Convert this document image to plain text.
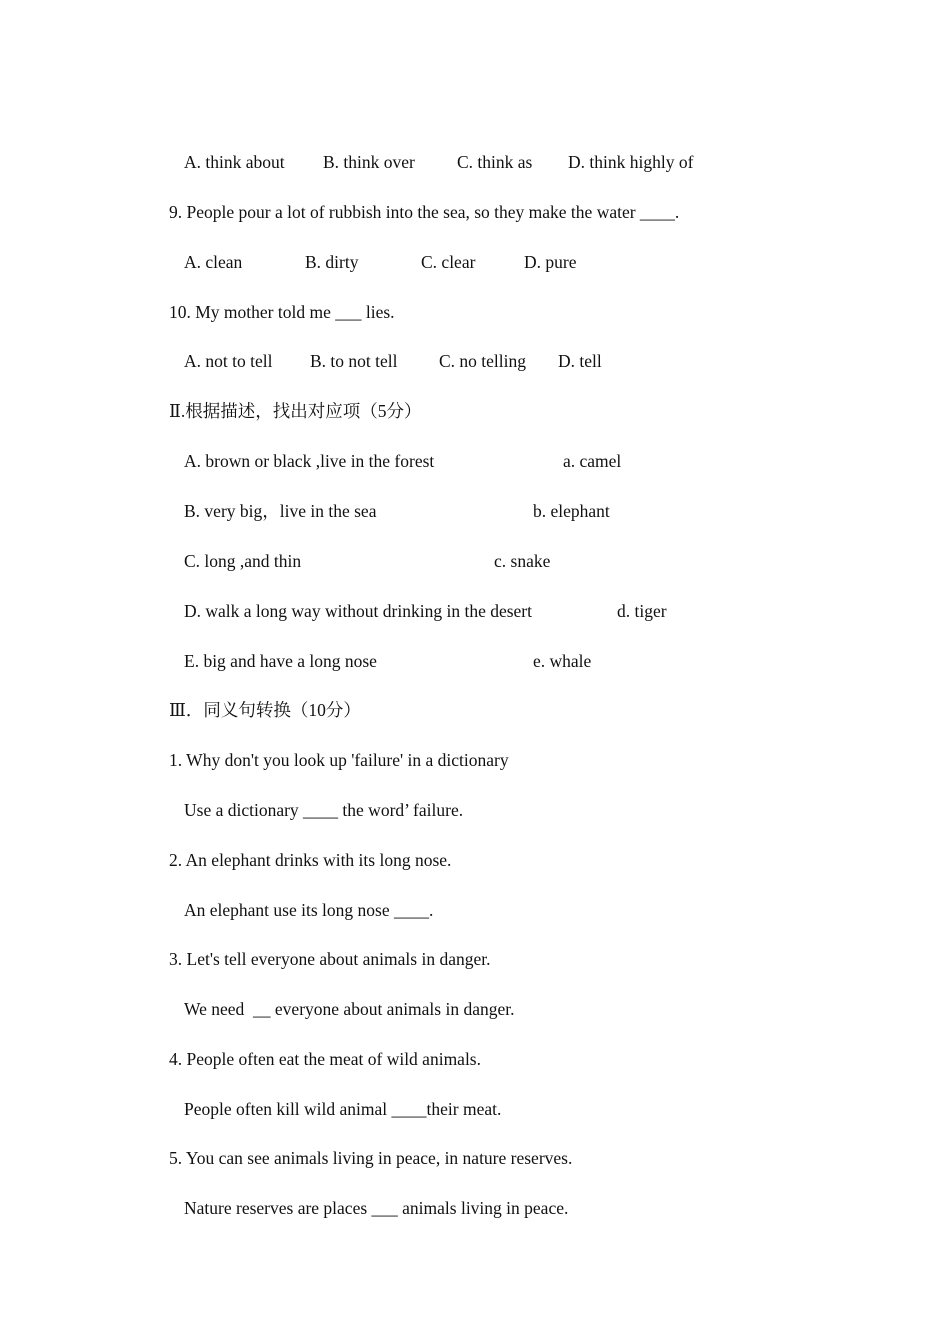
A. think about B. think over C. think as D. think highly of
9. People pour a lot of rubbish into the sea, so they make the water ____.
A. clean	B. dirty	C. clear	D. pure
10. My mother told me ___ lies.
A. not to tell B. to not tell C. no telling D. tell
Ⅱ.根据描述，找出对应项（5分）
A. brown or black ,live in the forest	a. camel
B. very big，live in the sea	b. elephant
C. long ,and thin	c. snake
D. walk a long way without drinking in the desert	d. tiger
E. big and have a long nose	e. whale
Ⅲ．同义句转换（10分）
1. Why don't you look up 'failure' in a dictionary
Use a dictionary ____ the word’ failure.
2. An elephant drinks with its long nose.
An elephant use its long nose ____.
3. Let's tell everyone about animals in danger.
We need  __ everyone about animals in danger.
4. People often eat the meat of wild animals.
People often kill wild animal ____their meat.
5. You can see animals living in peace, in nature reserves.
Nature reserves are places ___ animals living in peace.
